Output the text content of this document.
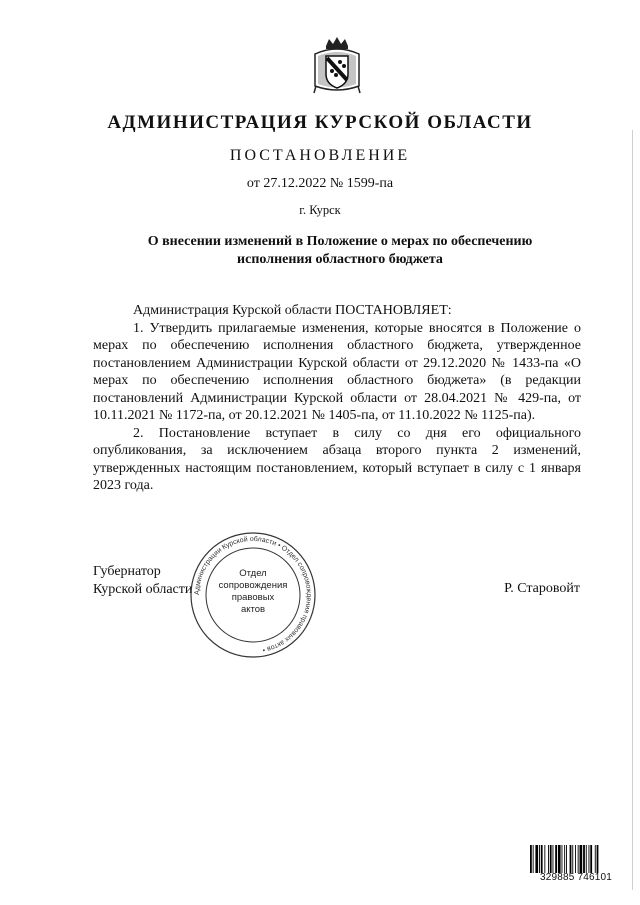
АДМИНИСТРАЦИЯ КУРСКОЙ ОБЛАСТИ
ПОСТАНОВЛЕНИЕ
от 27.12.2022 № 1599-па
г. Курск
О внесении изменений в Положение о мерах по обеспечению
исполнения областного бюджета

Администрация Курской области ПОСТАНОВЛЯЕТ:

1. Утвердить прилагаемые изменения, которые вносятся в Положение о мерах по обеспечению исполнения областного бюджета, утвержденное постановлением Администрации Курской области от 29.12.2020 № 1433-па «О мерах по обеспечению исполнения областного бюджета» (в редакции постановлений Администрации Курской области от 28.04.2021 № 429-па, от 10.11.2021 № 1172-па, от 20.12.2021 № 1405-па, от 11.10.2022 № 1125-па).

2. Постановление вступает в силу со дня его официального опубликования, за исключением абзаца второго пункта 2 изменений, утвержденных настоящим постановлением, который вступает в силу с 1 января 2023 года.

Губернатор
Курской области	Р. Старовойт
Администрации Курской области • Отдел сопровождения правовых актов •
Отдел
сопровождения
правовых
актов
329885 746101
